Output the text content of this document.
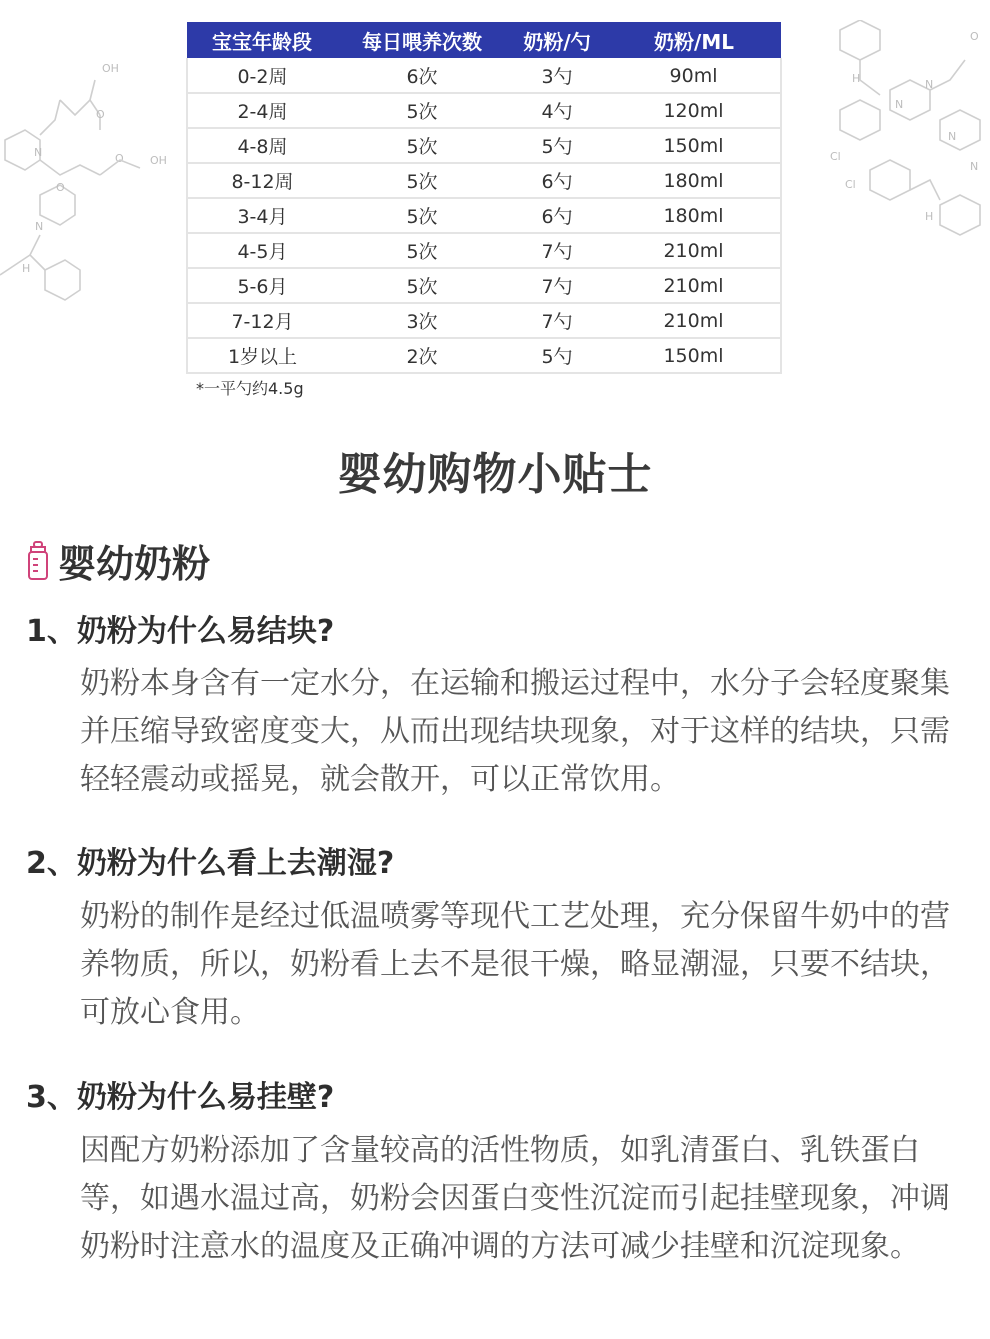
OH
O
N	O OH
O
N
H
H
N
N
Cl
N
N
Cl
H
O
宝宝年龄段	每日喂养次数	奶粉/勺	奶粉/ML
0-2周	6次	3勺	90ml
2-4周	5次	4勺	120ml
4-8周	5次	5勺	150ml
8-12周	5次	6勺	180ml
3-4月	5次	6勺	180ml
4-5月	5次	7勺	210ml
5-6月	5次	7勺	210ml
7-12月	3次	7勺	210ml
1岁以上	2次	5勺	150ml
*一平勺约4.5g
婴幼购物小贴士
婴幼奶粉
1、奶粉为什么易结块?
奶粉本身含有一定水分，在运输和搬运过程中，水分子会轻度聚集并压缩导致密度变大，从而出现结块现象，对于这样的结块，只需轻轻震动或摇晃，就会散开，可以正常饮用。
2、奶粉为什么看上去潮湿?
奶粉的制作是经过低温喷雾等现代工艺处理，充分保留牛奶中的营养物质，所以，奶粉看上去不是很干燥，略显潮湿，只要不结块，可放心食用。
3、奶粉为什么易挂壁?
因配方奶粉添加了含量较高的活性物质，如乳清蛋白、乳铁蛋白等，如遇水温过高，奶粉会因蛋白变性沉淀而引起挂壁现象，冲调奶粉时注意水的温度及正确冲调的方法可减少挂壁和沉淀现象。
